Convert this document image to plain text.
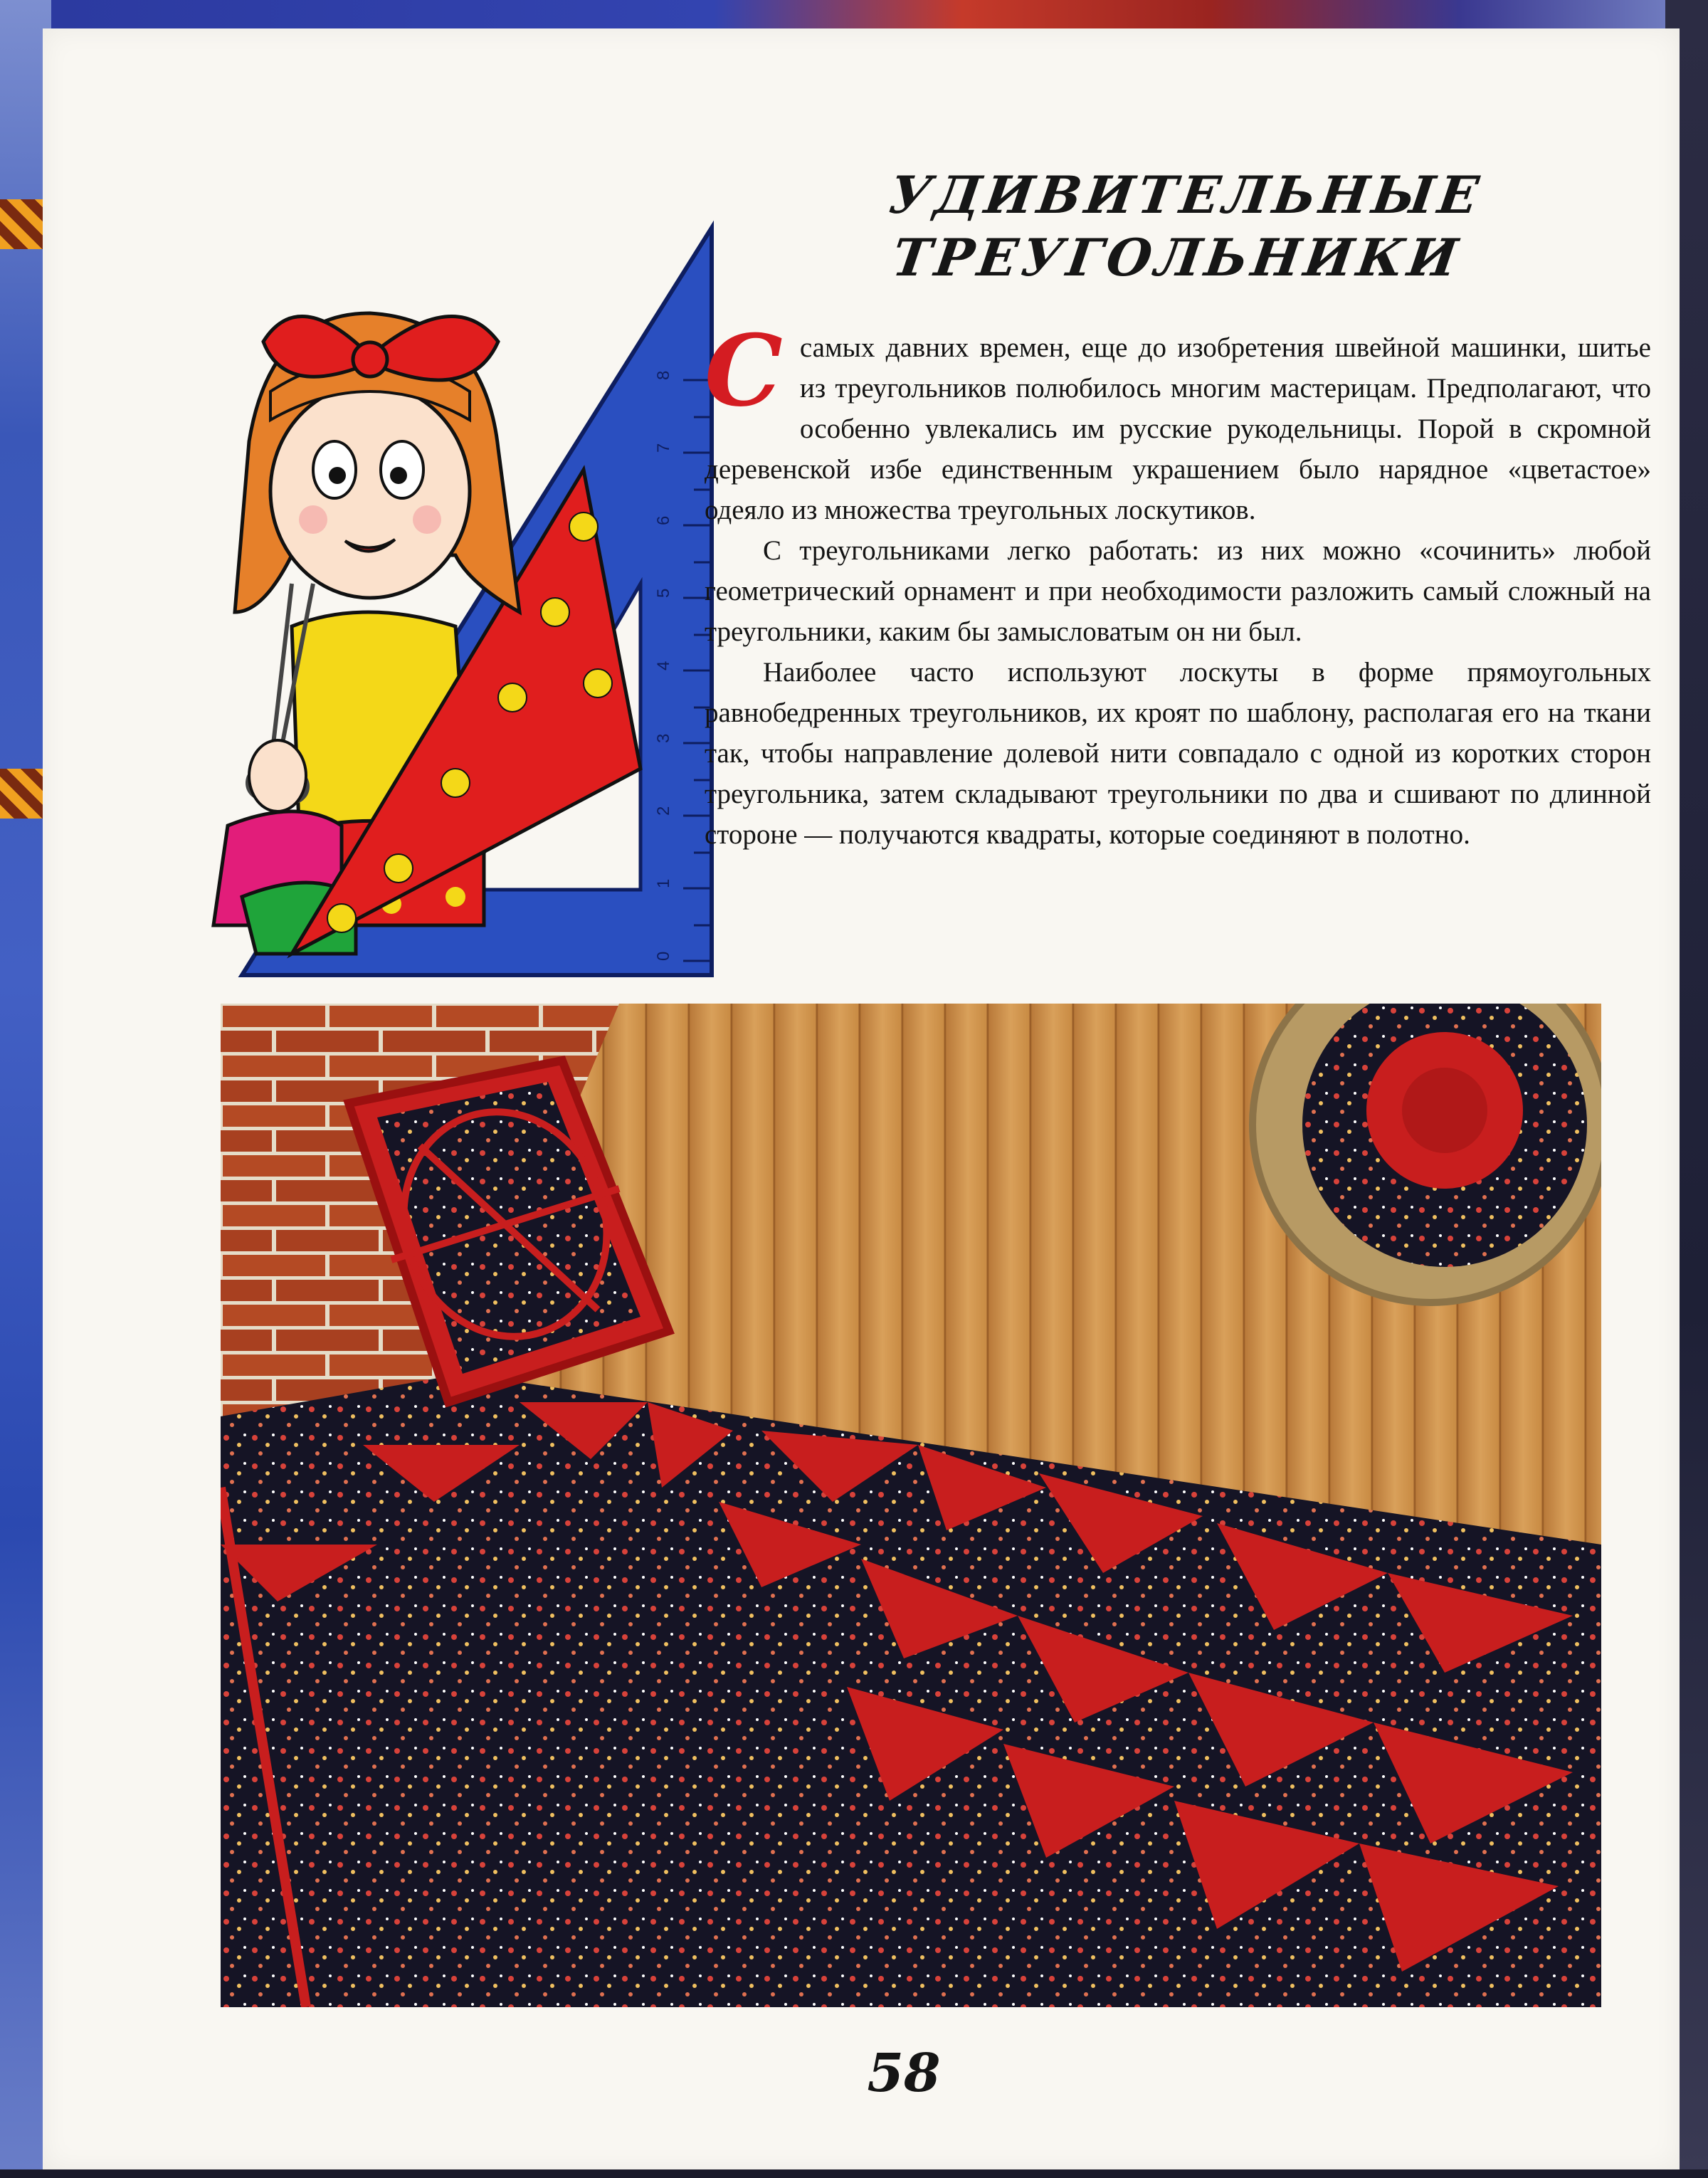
УДИВИТЕЛЬНЫЕ
ТРЕУГОЛЬНИКИ
0
1
2
3
4
5
6
7
8 Ссамых давних времен, еще до изобретения швейной машинки, шитье из треугольников полюбилось многим мастерицам. Предполагают, что особенно увлекались им русские рукодельницы. Порой в скромной деревенской избе единственным украшением было нарядное «цветастое» одеяло из множества треугольных лоскутиков.

С треугольниками легко работать: из них можно «сочинить» любой геометрический орнамент и при необходимости разложить самый сложный на треугольники, каким бы замысловатым он ни был.

Наиболее часто используют лоскуты в форме прямоугольных равнобедренных треугольников, их кроят по шаблону, располагая его на ткани так, чтобы направление долевой нити совпадало с одной из коротких сторон треугольника, затем складывают треугольники по два и сшивают по длинной стороне — получаются квадраты, которые соединяют в полотно.

58
